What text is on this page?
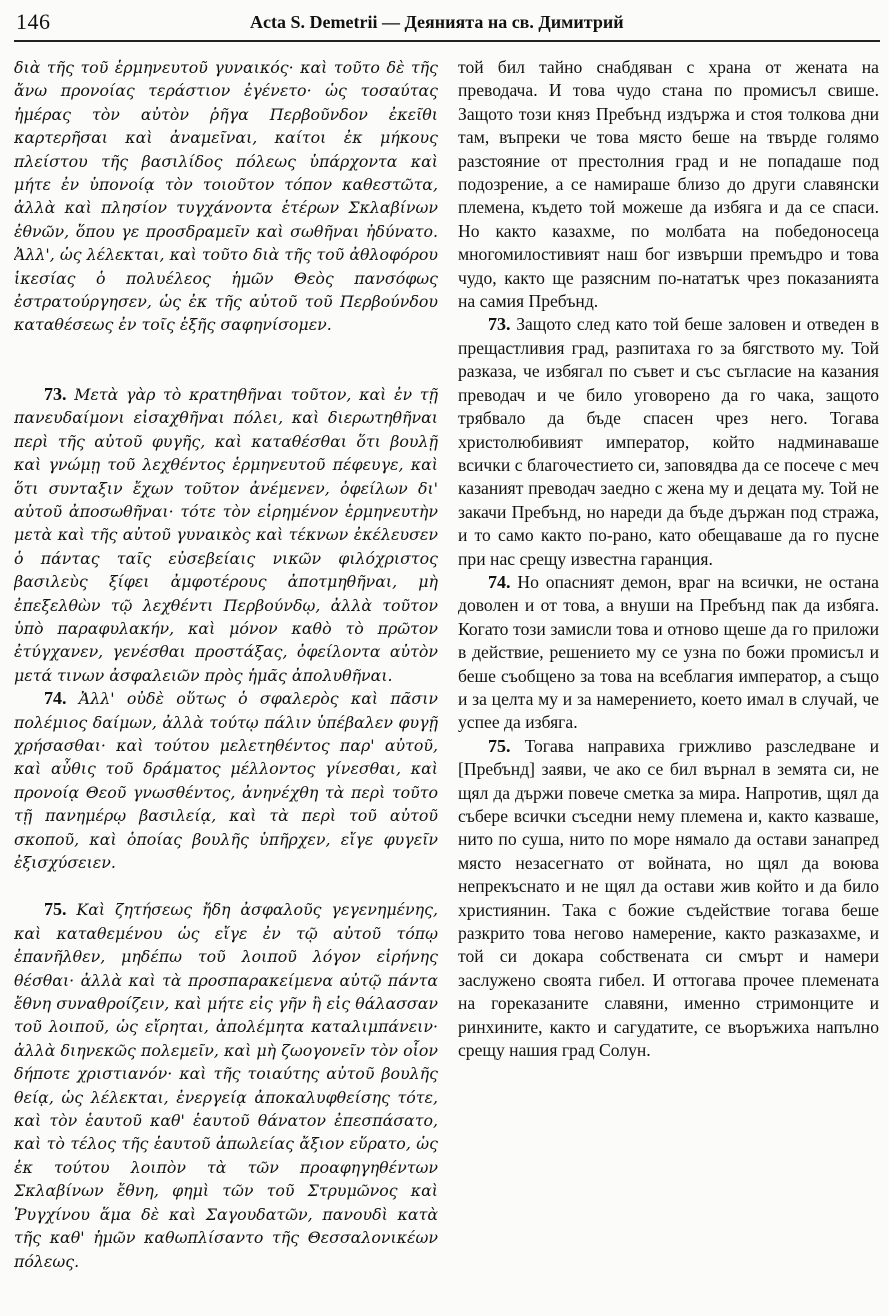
146	Acta S. Demetrii — Деянията на св. Димитрий

διὰ τῆς τοῦ ἑρμηνευτοῦ γυναικός· καὶ τοῦτο δὲ τῆς ἄνω προνοίας τεράστιον ἐγένετο· ὡς τοσαύτας ἡμέρας τὸν αὐτὸν ῥῆγα Περβοῦνδον ἐκεῖθι καρτερῆσαι καὶ ἀναμεῖναι, καίτοι ἐκ μήκους πλείστου τῆς βασιλίδος πόλεως ὑπάρχοντα καὶ μήτε ἐν ὑπονοίᾳ τὸν τοιοῦτον τόπον καθεστῶτα, ἀλλὰ καὶ πλησίον τυγχάνοντα ἑτέρων Σκλαβίνων ἐθνῶν, ὅπου γε προσδραμεῖν καὶ σωθῆναι ἠδύνατο. Ἀλλ', ὡς λέλεκται, καὶ τοῦτο διὰ τῆς τοῦ ἀθλοφόρου ἱκεσίας ὁ πολυέλεος ἡμῶν Θεὸς πανσόφως ἐστρατούργησεν, ὡς ἐκ τῆς αὐτοῦ τοῦ Περβούνδου καταθέσεως ἐν τοῖς ἑξῆς σαφηνίσομεν.

73. Μετὰ γὰρ τὸ κρατηθῆναι τοῦτον, καὶ ἐν τῇ πανευδαίμονι εἰσαχθῆναι πόλει, καὶ διερωτηθῆναι περὶ τῆς αὐτοῦ φυγῆς, καὶ καταθέσθαι ὅτι βουλῇ καὶ γνώμῃ τοῦ λεχθέντος ἑρμηνευτοῦ πέφευγε, καὶ ὅτι συνταξιν ἔχων τοῦτον ἀνέμενεν, ὀφείλων δι' αὐτοῦ ἀποσωθῆναι· τότε τὸν εἰρημένον ἑρμηνευτὴν μετὰ καὶ τῆς αὐτοῦ γυναικὸς καὶ τέκνων ἐκέλευσεν ὁ πάντας ταῖς εὐσεβείαις νικῶν φιλόχριστος βασιλεὺς ξίφει ἀμφοτέρους ἀποτμηθῆναι, μὴ ἐπεξελθὼν τῷ λεχθέντι Περβούνδῳ, ἀλλὰ τοῦτον ὑπὸ παραφυλακήν, καὶ μόνον καθὸ τὸ πρῶτον ἐτύγχανεν, γενέσθαι προστάξας, ὀφείλοντα αὐτὸν μετά τινων ἀσφαλειῶν πρὸς ἡμᾶς ἀπολυθῆναι.

74. Ἀλλ' οὐδὲ οὕτως ὁ σφαλερὸς καὶ πᾶσιν πολέμιος δαίμων, ἀλλὰ τούτῳ πάλιν ὑπέβαλεν φυγῇ χρήσασθαι· καὶ τούτου μελετηθέντος παρ' αὐτοῦ, καὶ αὖθις τοῦ δράματος μέλλοντος γίνεσθαι, καὶ προνοίᾳ Θεοῦ γνωσθέντος, ἀνηνέχθη τὰ περὶ τοῦτο τῇ πανημέρῳ βασιλείᾳ, καὶ τὰ περὶ τοῦ αὐτοῦ σκοποῦ, καὶ ὁποίας βουλῆς ὑπῆρχεν, εἴγε φυγεῖν ἐξισχύσειεν.

75. Καὶ ζητήσεως ἤδη ἀσφαλοῦς γεγενημένης, καὶ καταθεμένου ὡς εἴγε ἐν τῷ αὐτοῦ τόπῳ ἐπανῆλθεν, μηδέπω τοῦ λοιποῦ λόγον εἰρήνης θέσθαι· ἀλλὰ καὶ τὰ προσπαρακείμενα αὐτῷ πάντα ἔθνη συναθροίζειν, καὶ μήτε εἰς γῆν ἢ εἰς θάλασσαν τοῦ λοιποῦ, ὡς εἴρηται, ἀπολέμητα καταλιμπάνειν· ἀλλὰ διηνεκῶς πολεμεῖν, καὶ μὴ ζωογονεῖν τὸν οἷον δήποτε χριστιανόν· καὶ τῆς τοιαύτης αὐτοῦ βουλῆς θείᾳ, ὡς λέλεκται, ἐνεργείᾳ ἀποκαλυφθείσης τότε, καὶ τὸν ἑαυτοῦ καθ' ἑαυτοῦ θάνατον ἐπεσπάσατο, καὶ τὸ τέλος τῆς ἑαυτοῦ ἀπωλείας ἄξιον εὕρατο, ὡς ἐκ τούτου λοιπὸν τὰ τῶν προαφηγηθέντων Σκλαβίνων ἔθνη, φημὶ τῶν τοῦ Στρυμῶνος καὶ Ῥυγχίνου ἅμα δὲ καὶ Σαγουδατῶν, πανουδὶ κατὰ τῆς καθ' ἡμῶν καθωπλίσαντο τῆς Θεσσαλονικέων πόλεως.

той бил тайно снабдяван с храна от жената на преводача. И това чудо стана по промисъл свише. Защото този княз Пребънд издържа и стоя толкова дни там, въпреки че това място беше на твърде голямо разстояние от престолния град и не попадаше под подозрение, а се намираше близо до други славянски племена, където той можеше да избяга и да се спаси. Но както казахме, по молбата на победоносеца многомилостивият наш бог извърши премъдро и това чудо, както ще разясним по-нататък чрез показанията на самия Пребънд.

73. Защото след като той беше заловен и отведен в прещастливия град, разпитаха го за бягството му. Той разказа, че избягал по съвет и със съгласие на казания преводач и че било уговорено да го чака, защото трябвало да бъде спасен чрез него. Тогава христолюбивият император, който надминаваше всички с благочестието си, заповядва да се посече с меч казаният преводач заедно с жена му и децата му. Той не закачи Пребънд, но нареди да бъде държан под стража, и то само както по-рано, като обещаваше да го пусне при нас срещу известна гаранция.

74. Но опасният демон, враг на всички, не остана доволен и от това, а внуши на Пребънд пак да избяга. Когато този замисли това и отново щеше да го приложи в действие, решението му се узна по божи промисъл и беше съобщено за това на всеблагия император, а също и за целта му и за намерението, което имал в случай, че успее да избяга.

75. Тогава направиха грижливо разследване и [Пребънд] заяви, че ако се бил върнал в земята си, не щял да държи повече сметка за мира. Напротив, щял да събере всички съседни нему племена и, както казваше, нито по суша, нито по море нямало да остави занапред място незасегнато от войната, но щял да воюва непрекъснато и не щял да остави жив който и да било християнин. Така с божие съдействие тогава беше разкрито това негово намерение, както разказахме, и той си докара собствената си смърт и намери заслужено своята гибел. И оттогава прочее племената на гореказаните славяни, именно стримонците и ринхините, както и сагудатите, се въоръжиха напълно срещу нашия град Солун.
